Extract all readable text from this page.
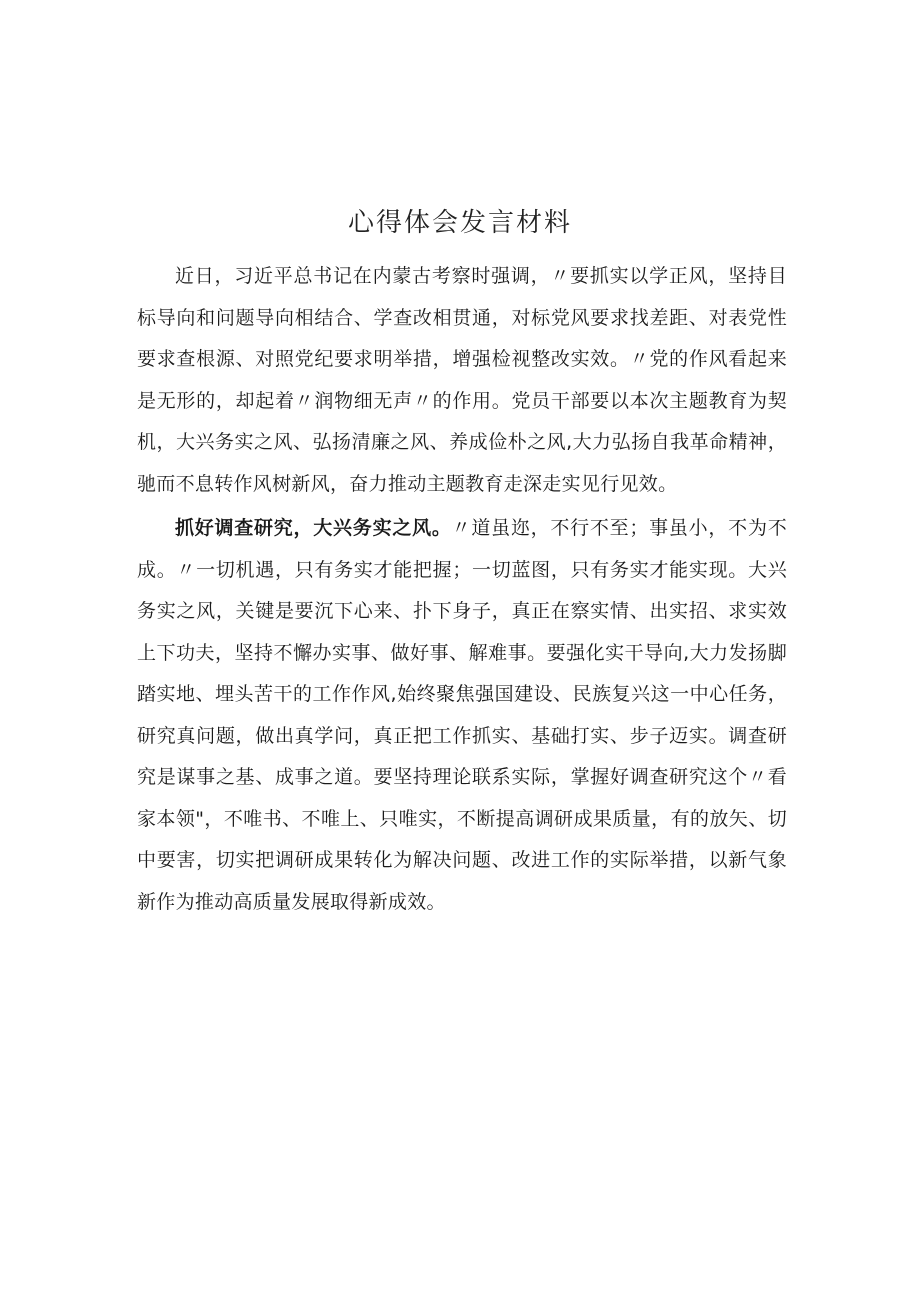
心得体会发言材料

近日，习近平总书记在内蒙古考察时强调，〃要抓实以学正风，坚持目标导向和问题导向相结合、学查改相贯通，对标党风要求找差距、对表党性要求查根源、对照党纪要求明举措，增强检视整改实效。〃党的作风看起来是无形的，却起着〃润物细无声〃的作用。党员干部要以本次主题教育为契机，大兴务实之风、弘扬清廉之风、养成俭朴之风,大力弘扬自我革命精神，驰而不息转作风树新风，奋力推动主题教育走深走实见行见效。

抓好调查研究，大兴务实之风。〃道虽迩，不行不至；事虽小，不为不成。〃一切机遇，只有务实才能把握；一切蓝图，只有务实才能实现。大兴务实之风，关键是要沉下心来、扑下身子，真正在察实情、出实招、求实效上下功夫，坚持不懈办实事、做好事、解难事。要强化实干导向,大力发扬脚踏实地、埋头苦干的工作作风,始终聚焦强国建设、民族复兴这一中心任务，研究真问题，做出真学问，真正把工作抓实、基础打实、步子迈实。调查研究是谋事之基、成事之道。要坚持理论联系实际，掌握好调查研究这个〃看家本领"，不唯书、不唯上、只唯实，不断提高调研成果质量，有的放矢、切中要害，切实把调研成果转化为解决问题、改进工作的实际举措，以新气象新作为推动高质量发展取得新成效。
